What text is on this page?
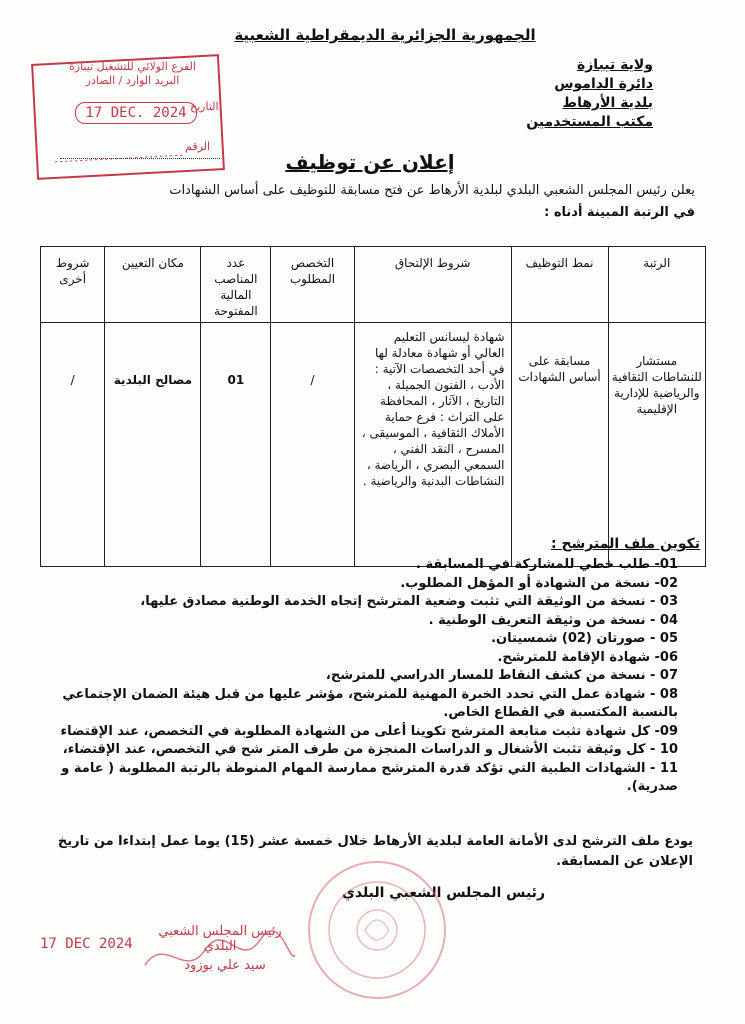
الجمهورية الجزائرية الديمقراطية الشعبية
ولاية تيبازة
دائرة الداموس
بلدية الأرهاط
مكتب المستخدمين
الفرع الولائي للتشغيل تيبازة
البريد الوارد / الصادر
التاريخ
17 DEC. 2024
الرقم
إعلان عن توظيف
يعلن رئيس المجلس الشعبي البلدي لبلدية الأرهاط عن فتح مسابقة للتوظيف على أساس الشهادات
في الرتبة المبينة أدناه :
الرتبة	نمط التوظيف	شروط الإلتحاق	التخصص المطلوب	عدد المناصب المالية المفتوحة	مكان التعيين	شروط أخرى
مستشار للنشاطات الثقافية والرياضية للإدارية الإقليمية	مسابقة على أساس الشهادات	شهادة ليسانس التعليم العالي أو شهادة معادلة لها في أحد التخصصات الآتية : الأدب ، الفنون الجميلة ، التاريخ ، الآثار ، المحافظة على التراث : فرع حماية الأملاك الثقافية ، الموسيقى ، المسرح ، النقد الفني ، السمعي البصري ، الرياضة ، النشاطات البدنية والرياضية .	/	01	مصالح البلدية	/
تكوين ملف المترشح :
01- طلب خطي للمشاركة في المسابقة .
02- نسخة من الشهادة أو المؤهل المطلوب.
03 - نسخة من الوثيقة التي تثبت وضعية المترشح إتجاه الخدمة الوطنية مصادق عليها،
04 - نسخة من وثيقة التعريف الوطنية .
05 - صورتان (02) شمسيتان.
06- شهادة الإقامة للمترشح.
07 - نسخة من كشف النقاط للمسار الدراسي للمترشح،
08 - شهادة عمل التي تحدد الخبرة المهنية للمترشح، مؤشر عليها من قبل هيئة الضمان الإجتماعي بالنسبة المكتسبة في القطاع الخاص.
09- كل شهادة تثبت متابعة المترشح تكوينا أعلى من الشهادة المطلوبة في التخصص، عند الإقتضاء
10 - كل وثيقة تثبت الأشغال و الدراسات المنجزة من طرف المتر شح في التخصص، عند الإقتضاء،
11 - الشهادات الطبية التي تؤكد قدرة المترشح ممارسة المهام المنوطة بالرتبة المطلوبة ( عامة و صدرية).
يودع ملف الترشح لدى الأمانة العامة لبلدية الأرهاط خلال خمسة عشر (15) يوما عمل إبتداءا من تاريخ الإعلان عن المسابقة.
رئيس المجلس الشعبي البلدي
17 DEC 2024
رئيس المجلس الشعبي البلدي
سيد علي بوزود
